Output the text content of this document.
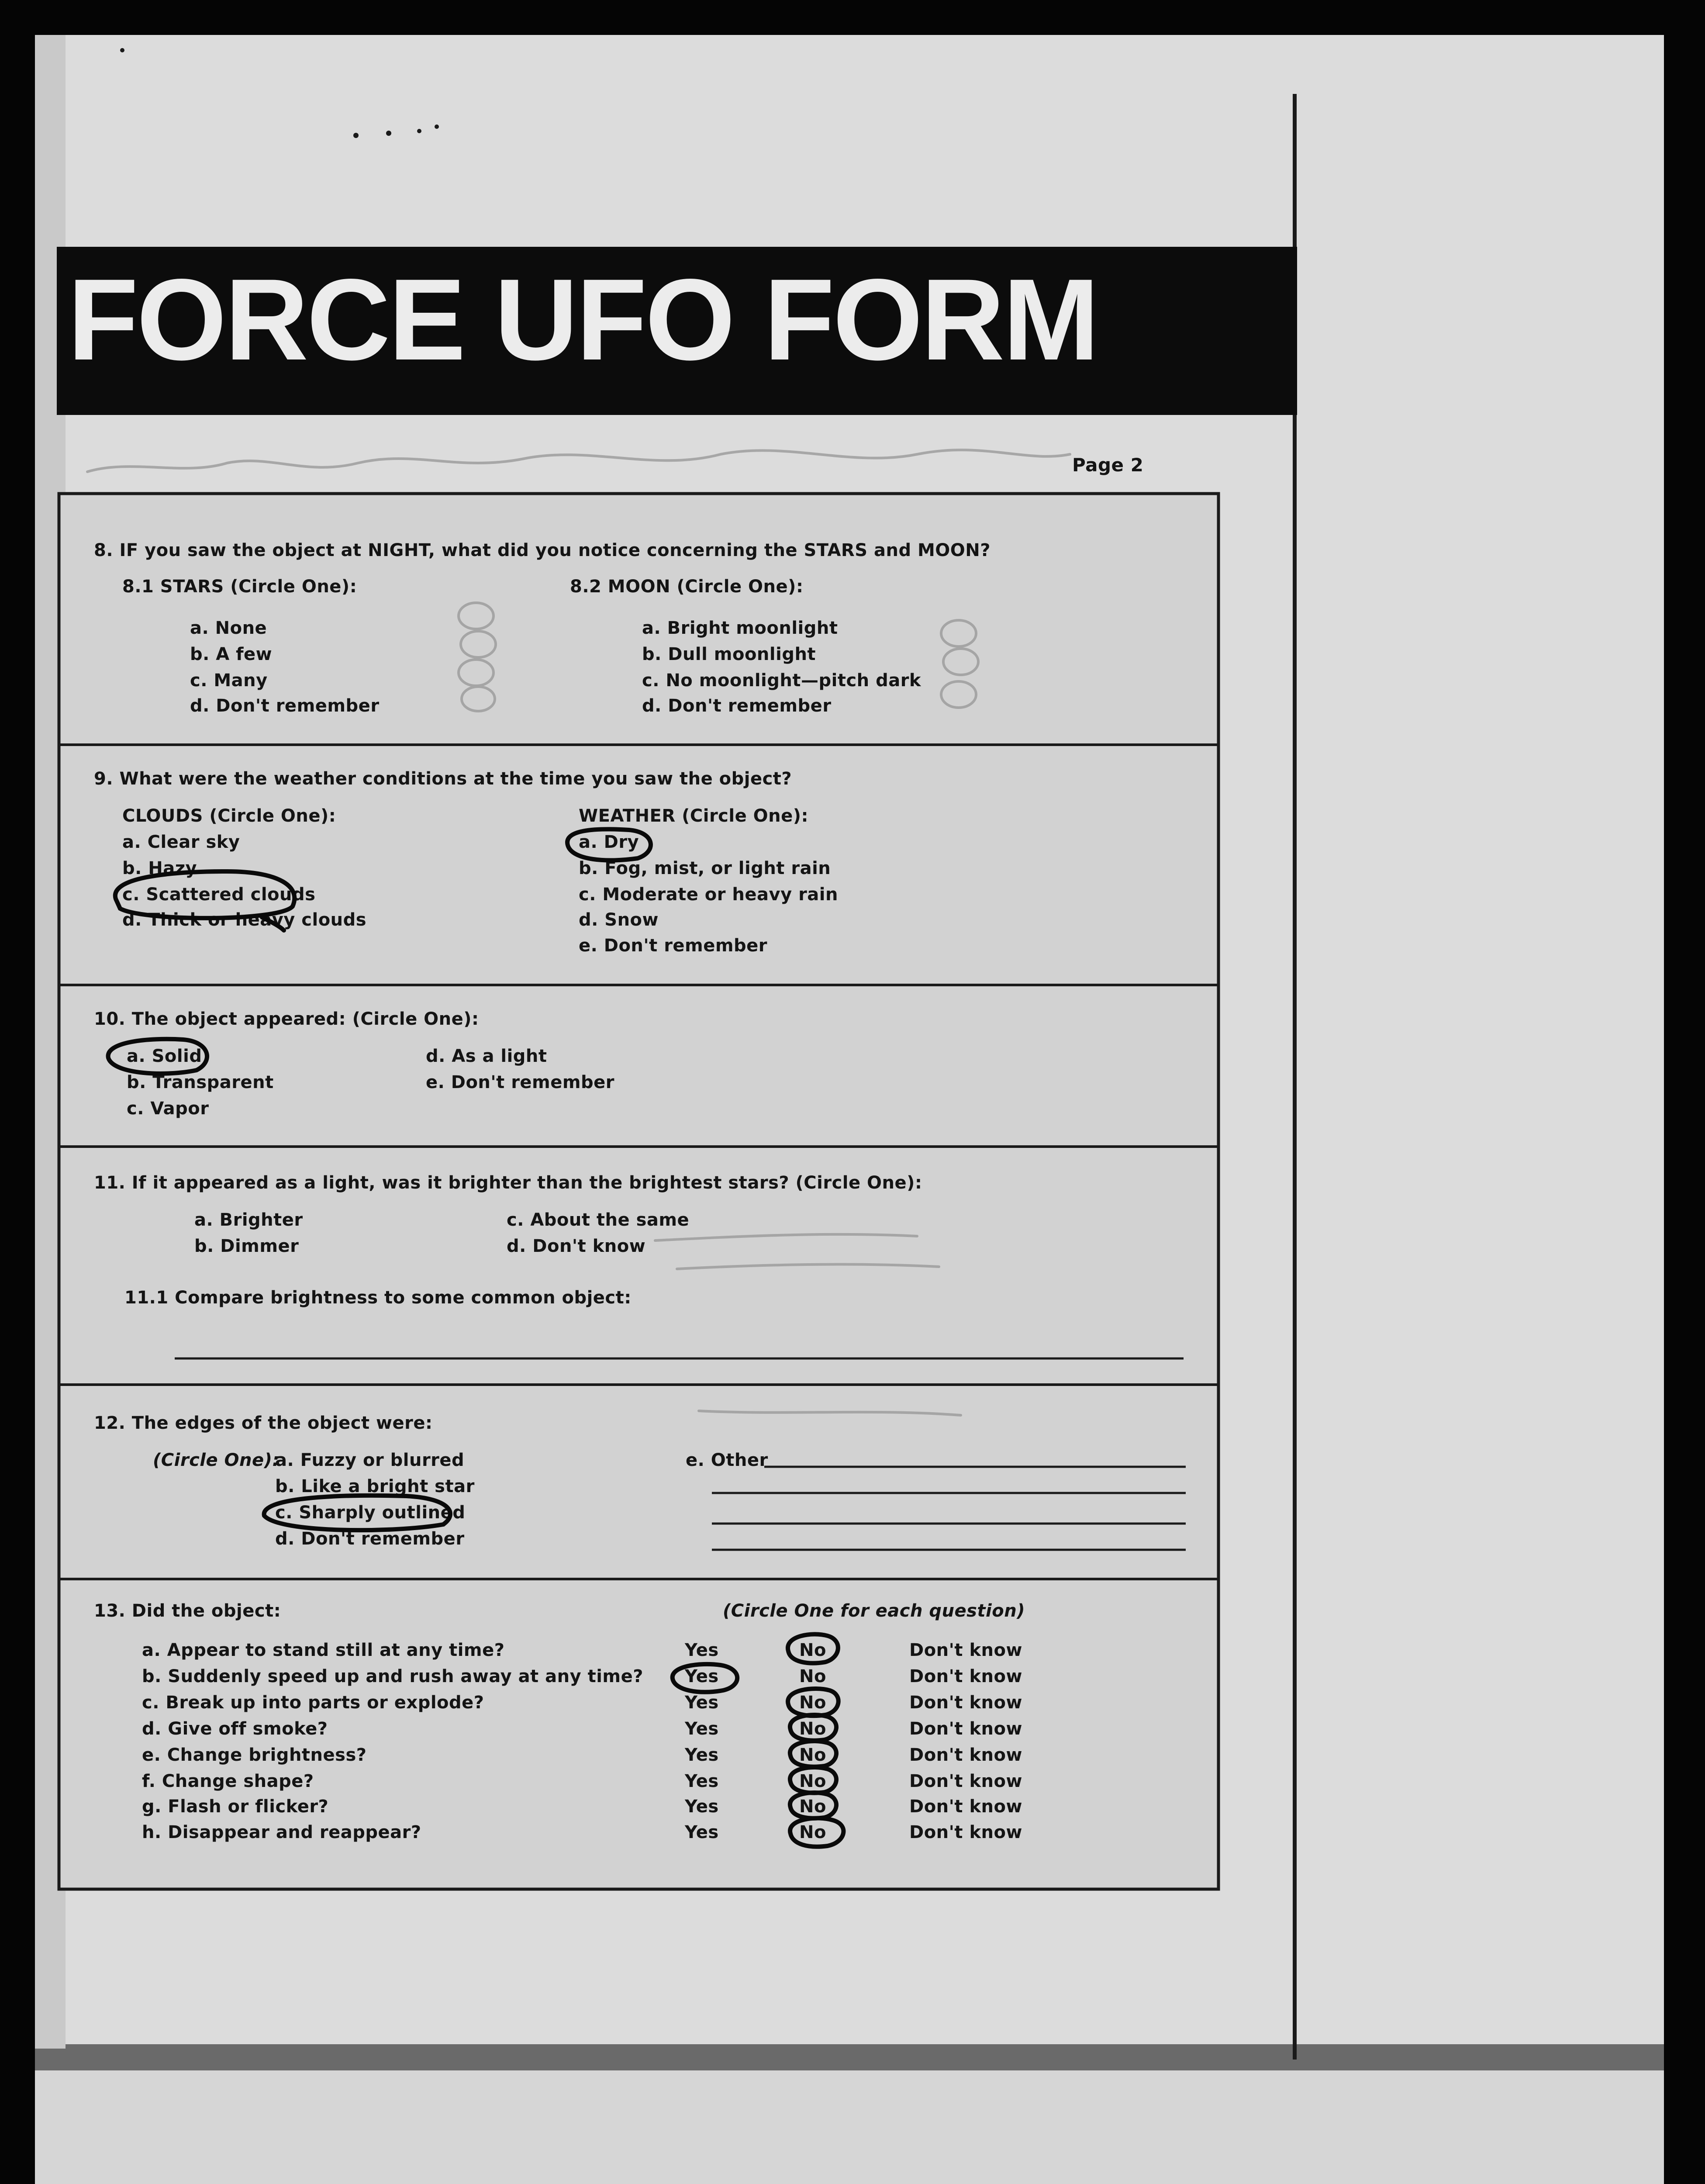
FORCE UFO FORM
Page 2
8. IF you saw the object at NIGHT, what did you notice concerning the STARS and MOON?
8.1 STARS (Circle One):
a. None
b. A few
c. Many
d. Don't remember
8.2 MOON (Circle One):
a. Bright moonlight
b. Dull moonlight
c. No moonlight—pitch dark
d. Don't remember
9. What were the weather conditions at the time you saw the object?
CLOUDS (Circle One):
a. Clear sky
b. Hazy
c. Scattered clouds
d. Thick or heavy clouds
WEATHER (Circle One):
a. Dry
b. Fog, mist, or light rain
c. Moderate or heavy rain
d. Snow
e. Don't remember
10. The object appeared: (Circle One):
a. Solid
b. Transparent
c. Vapor
d. As a light
e. Don't remember
11. If it appeared as a light, was it brighter than the brightest stars? (Circle One):
a. Brighter
b. Dimmer
c. About the same
d. Don't know
11.1 Compare brightness to some common object:
12. The edges of the object were:
(Circle One):
a. Fuzzy or blurred
b. Like a bright star
c. Sharply outlined
d. Don't remember
e. Other
13. Did the object:	(Circle One for each question)
a. Appear to stand still at any time?	Yes	No	Don't know
b. Suddenly speed up and rush away at any time? Yes	No	Don't know
c. Break up into parts or explode?	Yes	No	Don't know
d. Give off smoke?	Yes	No	Don't know
e. Change brightness?	Yes	No	Don't know
f. Change shape?	Yes	No	Don't know
g. Flash or flicker?	Yes	No	Don't know
h. Disappear and reappear?	Yes	No	Don't know
